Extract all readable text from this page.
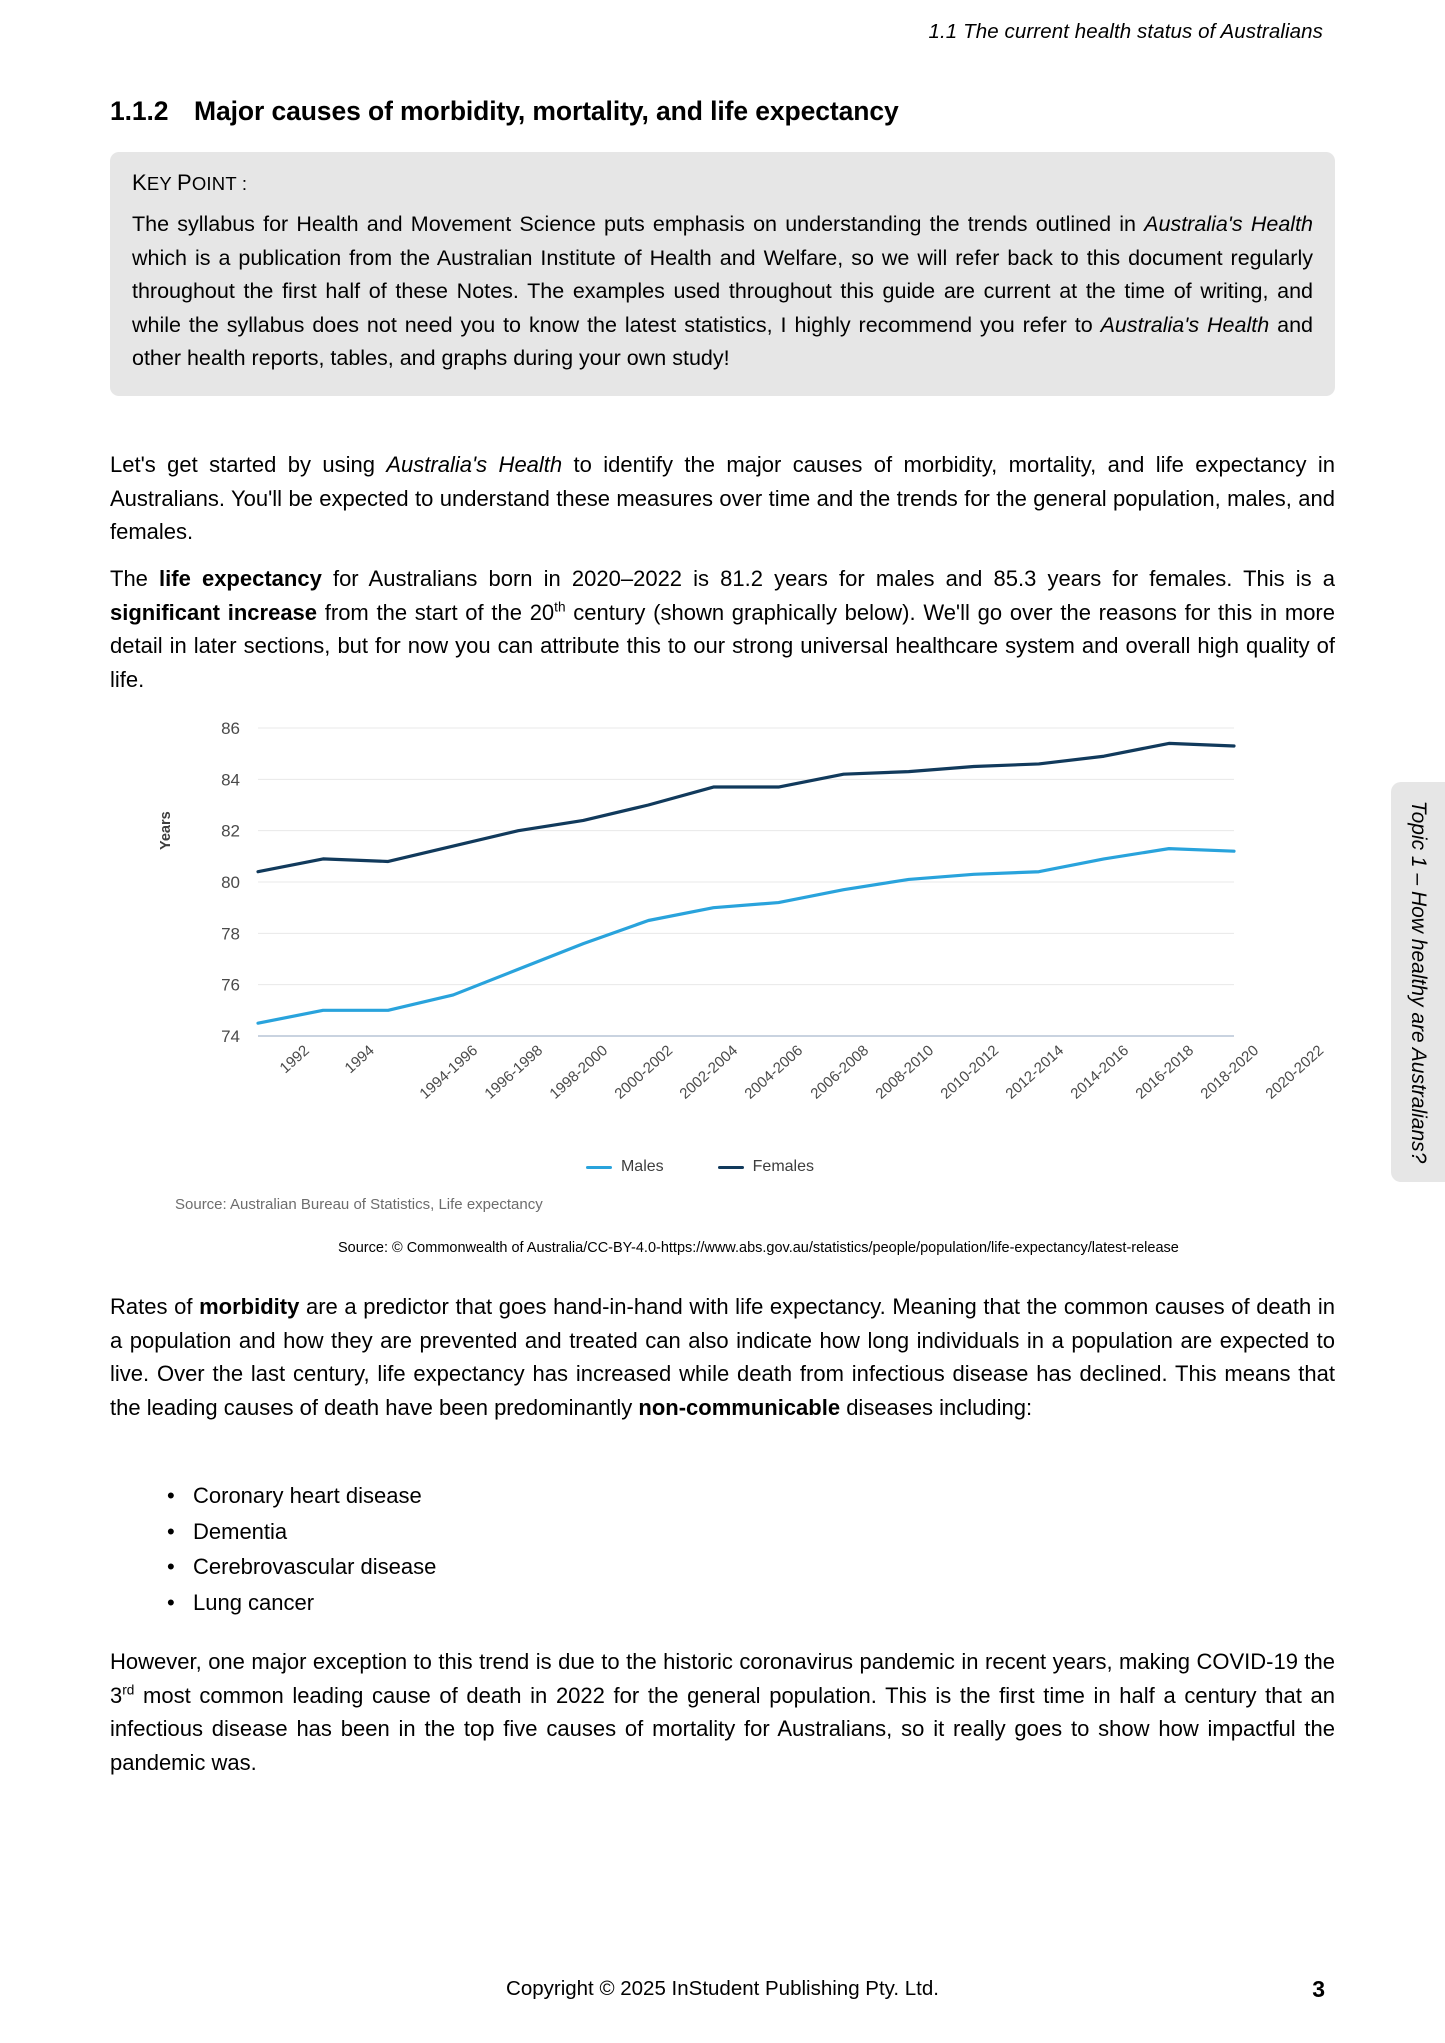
1.1 The current health status of Australians
1.1.2 Major causes of morbidity, mortality, and life expectancy
KEY POINT :
The syllabus for Health and Movement Science puts emphasis on understanding the trends outlined in Australia's Health which is a publication from the Australian Institute of Health and Welfare, so we will refer back to this document regularly throughout the first half of these Notes. The examples used throughout this guide are current at the time of writing, and while the syllabus does not need you to know the latest statistics, I highly recommend you refer to Australia's Health and other health reports, tables, and graphs during your own study!
Let's get started by using Australia's Health to identify the major causes of morbidity, mortality, and life expectancy in Australians. You'll be expected to understand these measures over time and the trends for the general population, males, and females.
The life expectancy for Australians born in 2020–2022 is 81.2 years for males and 85.3 years for females. This is a significant increase from the start of the 20th century (shown graphically below). We'll go over the reasons for this in more detail in later sections, but for now you can attribute this to our strong universal healthcare system and overall high quality of life.
Years
74
76
78
80
82
84
86
1992 1994	1994-1996 1996-1998 1998-2000 2000-2002 2002-2004 2004-2006 2006-2008 2008-2010 2010-2012 2012-2014 2014-2016 2016-2018 2018-2020 2020-2022
Males	Females
Source: Australian Bureau of Statistics, Life expectancy
Source: © Commonwealth of Australia/CC-BY-4.0-https://www.abs.gov.au/statistics/people/population/life-expectancy/latest-release
Rates of morbidity are a predictor that goes hand-in-hand with life expectancy. Meaning that the common causes of death in a population and how they are prevented and treated can also indicate how long individuals in a population are expected to live. Over the last century, life expectancy has increased while death from infectious disease has declined. This means that the leading causes of death have been predominantly non-communicable diseases including:
• Coronary heart disease
• Dementia
• Cerebrovascular disease
• Lung cancer
However, one major exception to this trend is due to the historic coronavirus pandemic in recent years, making COVID-19 the 3rd most common leading cause of death in 2022 for the general population. This is the first time in half a century that an infectious disease has been in the top five causes of mortality for Australians, so it really goes to show how impactful the pandemic was.
Topic 1 – How healthy are Australians?
Copyright © 2025 InStudent Publishing Pty. Ltd.	3
